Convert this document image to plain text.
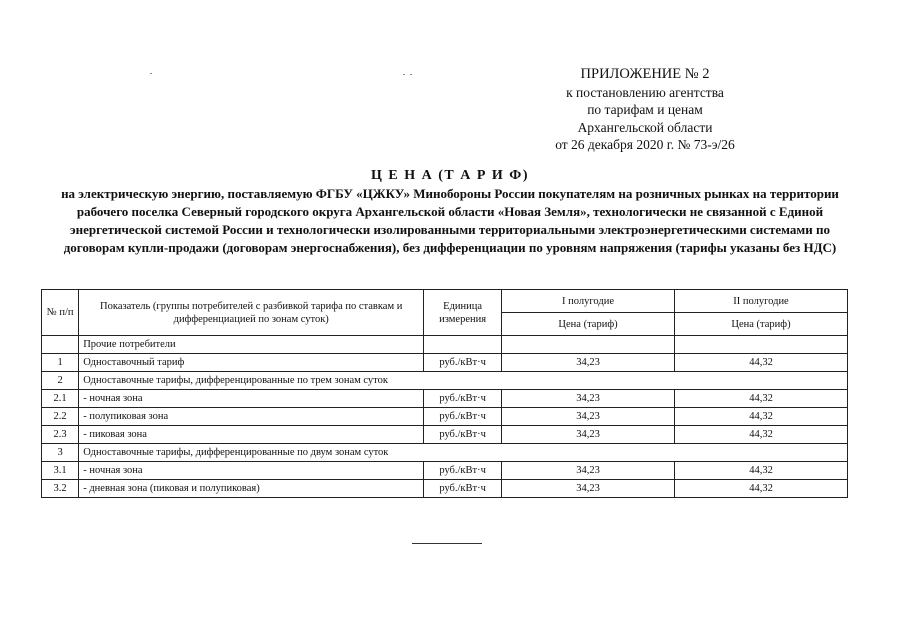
ПРИЛОЖЕНИЕ № 2
к постановлению агентства
по тарифам и ценам
Архангельской области
от 26 декабря 2020 г. № 73-э/26
Ц Е Н А (Т А Р И Ф)
на электрическую энергию, поставляемую ФГБУ «ЦЖКУ» Минобороны России покупателям на розничных рынках на территории рабочего поселка Северный городского округа Архангельской области «Новая Земля», технологически не связанной с Единой энергетической системой России и технологически изолированными территориальными электроэнергетическими системами по договорам купли-продажи (договорам энергоснабжения), без дифференциации по уровням напряжения (тарифы указаны без НДС)
№ п/п	Показатель (группы потребителей с разбивкой тарифа по ставкам и дифференциацией по зонам суток)	Единица измерения	I полугодие	II полугодие
			Цена (тариф)	Цена (тариф)
	Прочие потребители			
1	Одноставочный тариф	руб./кВт·ч	34,23	44,32
2	Одноставочные тарифы, дифференцированные по трем зонам суток			
2.1	- ночная зона	руб./кВт·ч	34,23	44,32
2.2	- полупиковая зона	руб./кВт·ч	34,23	44,32
2.3	- пиковая зона	руб./кВт·ч	34,23	44,32
3	Одноставочные тарифы, дифференцированные по двум зонам суток			
3.1	- ночная зона	руб./кВт·ч	34,23	44,32
3.2	- дневная зона (пиковая и полупиковая)	руб./кВт·ч	34,23	44,32
